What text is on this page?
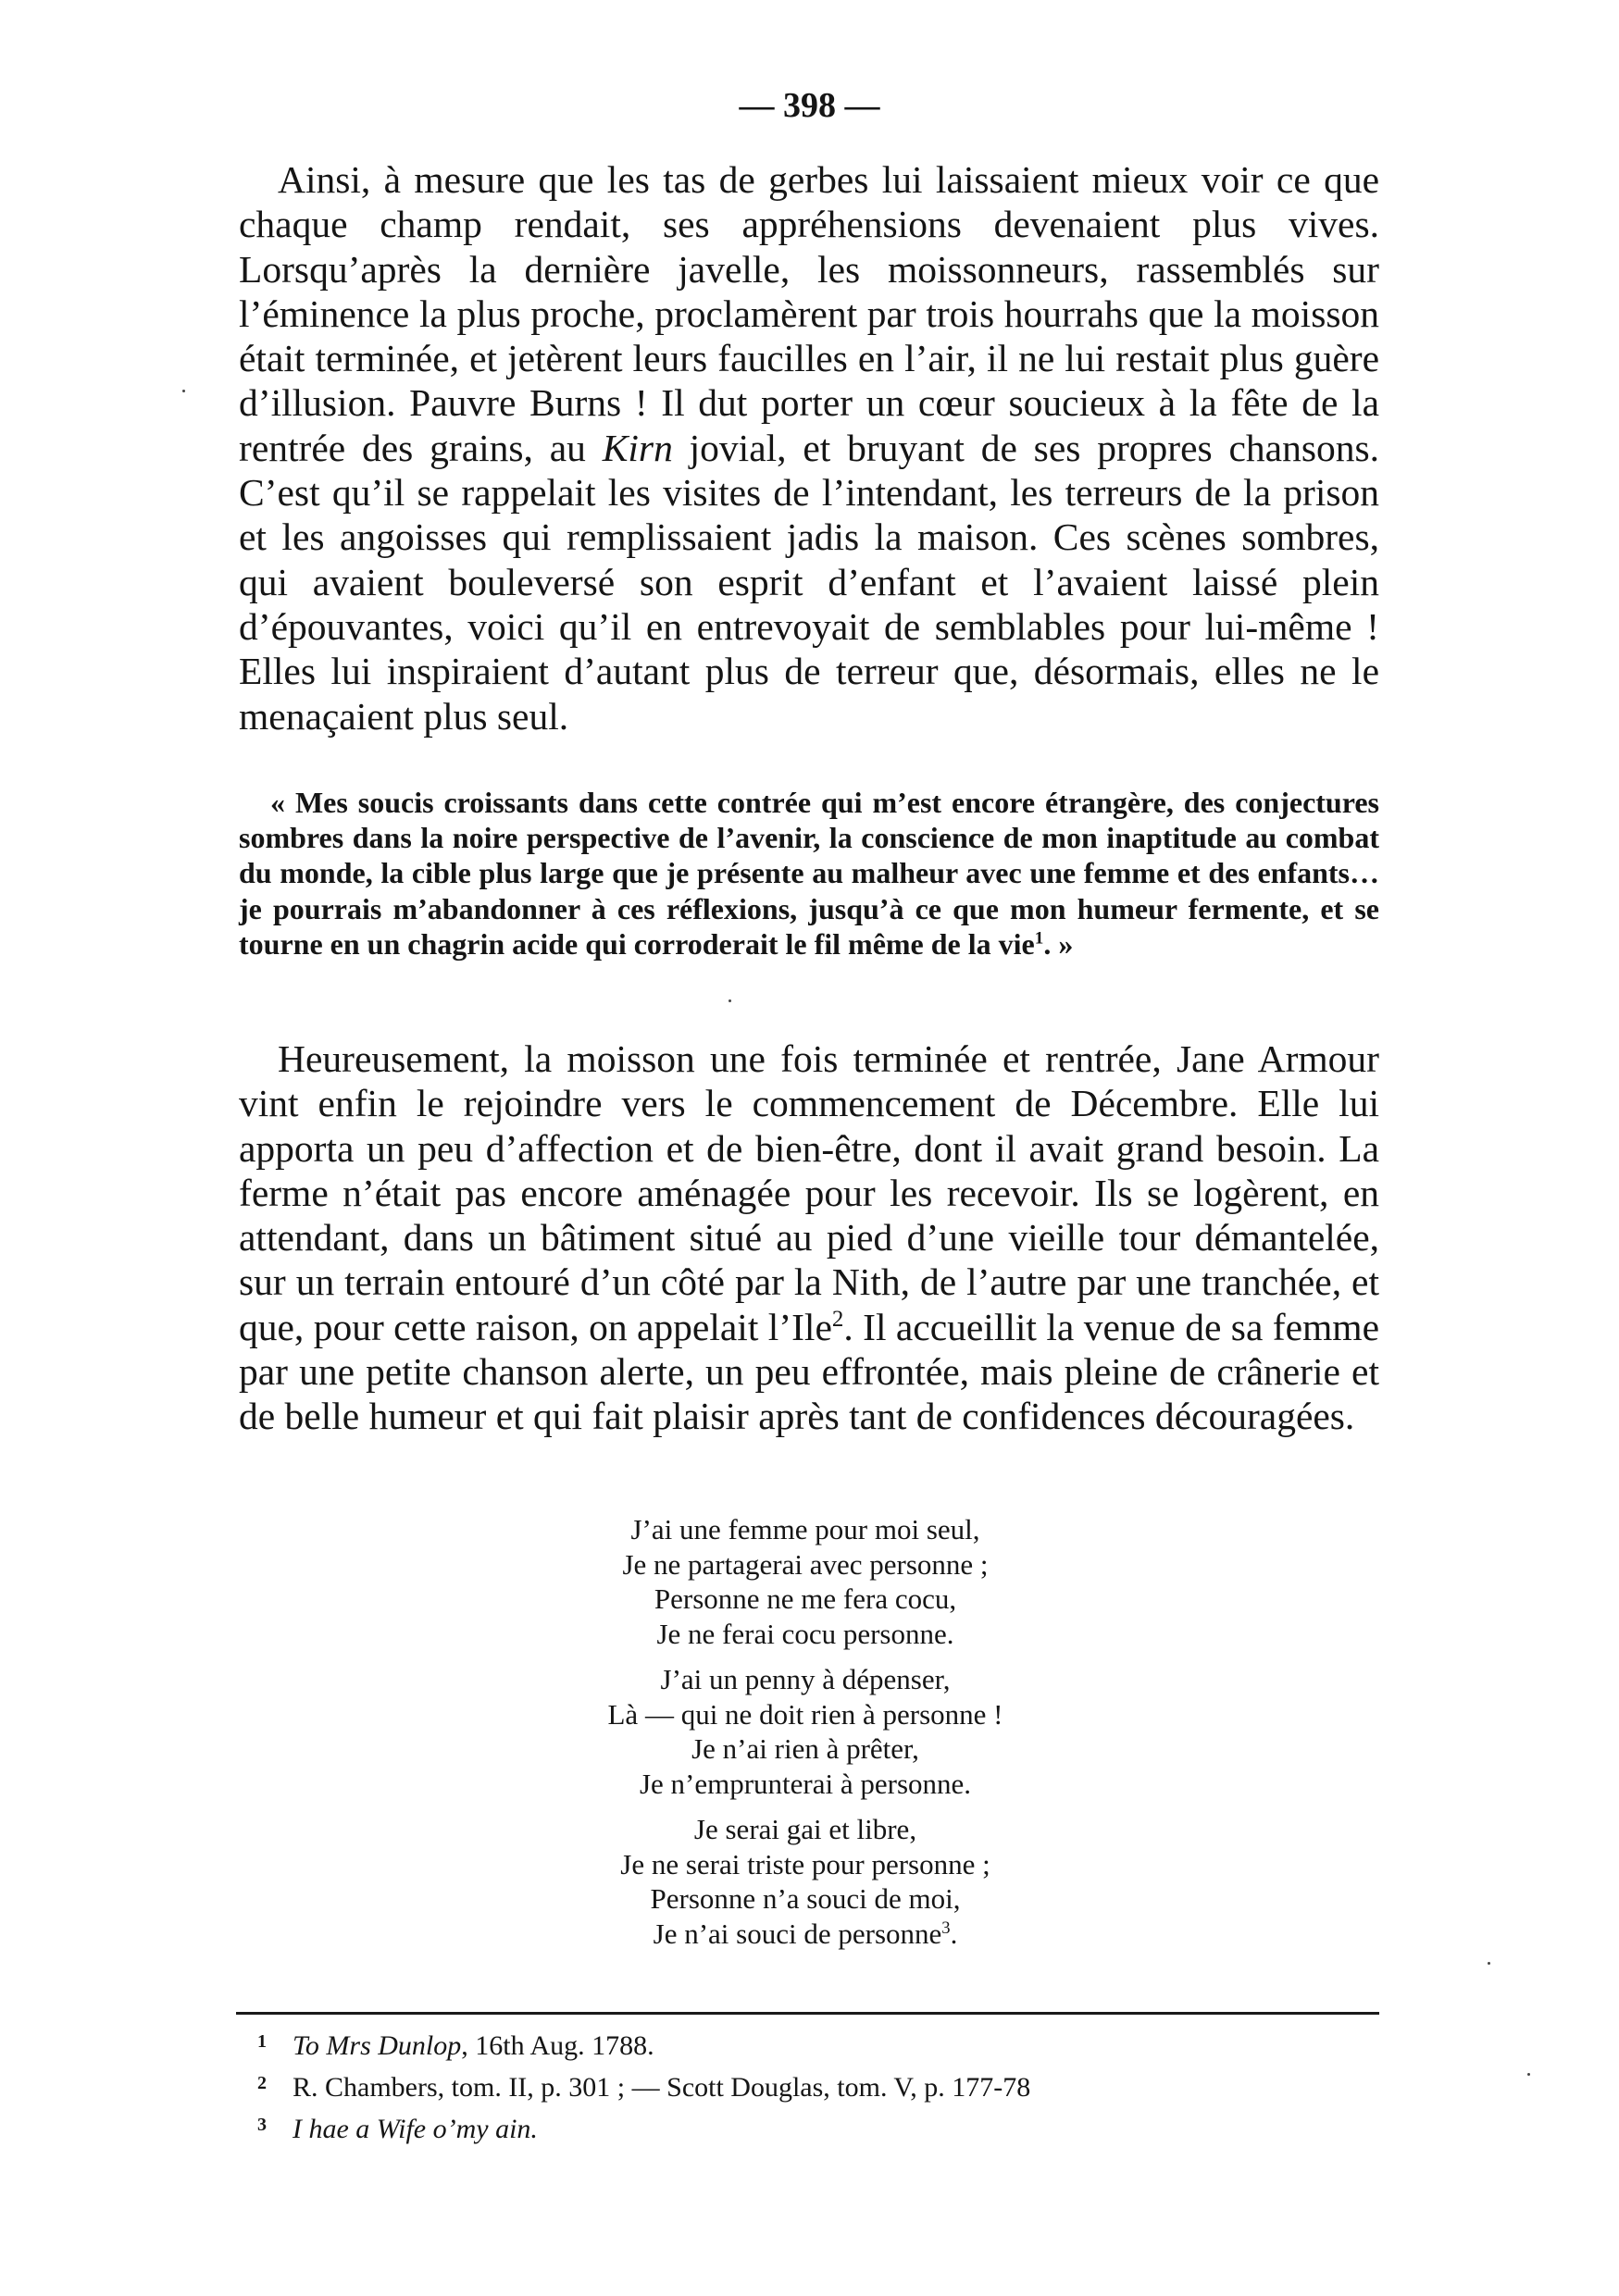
— 398 —

Ainsi, à mesure que les tas de gerbes lui laissaient mieux voir ce que chaque champ rendait, ses appréhensions devenaient plus vives. Lorsqu’après la dernière javelle, les moissonneurs, rassemblés sur l’éminence la plus proche, proclamèrent par trois hourrahs que la moisson était terminée, et jetèrent leurs faucilles en l’air, il ne lui restait plus guère d’illusion. Pauvre Burns ! Il dut porter un cœur soucieux à la fête de la rentrée des grains, au Kirn jovial, et bruyant de ses propres chansons. C’est qu’il se rappelait les visites de l’intendant, les terreurs de la prison et les angoisses qui remplissaient jadis la maison. Ces scènes sombres, qui avaient bouleversé son esprit d’enfant et l’avaient laissé plein d’épouvantes, voici qu’il en entrevoyait de semblables pour lui-même ! Elles lui inspiraient d’autant plus de terreur que, désormais, elles ne le menaçaient plus seul.

« Mes soucis croissants dans cette contrée qui m’est encore étrangère, des conjectures sombres dans la noire perspective de l’avenir, la conscience de mon inaptitude au combat du monde, la cible plus large que je présente au malheur avec une femme et des enfants… je pourrais m’abandonner à ces réflexions, jusqu’à ce que mon humeur fermente, et se tourne en un chagrin acide qui corroderait le fil même de la vie$^1$. »

Heureusement, la moisson une fois terminée et rentrée, Jane Armour vint enfin le rejoindre vers le commencement de Décembre. Elle lui apporta un peu d’affection et de bien-être, dont il avait grand besoin. La ferme n’était pas encore aménagée pour les recevoir. Ils se logèrent, en attendant, dans un bâtiment situé au pied d’une vieille tour démantelée, sur un terrain entouré d’un côté par la Nith, de l’autre par une tranchée, et que, pour cette raison, on appelait l’Ile$^2$. Il accueillit la venue de sa femme par une petite chanson alerte, un peu effrontée, mais pleine de crânerie et de belle humeur et qui fait plaisir après tant de confidences découragées.

J’ai une femme pour moi seul,
Je ne partagerai avec personne ;
Personne ne me fera cocu,
Je ne ferai cocu personne.
J’ai un penny à dépenser,
Là — qui ne doit rien à personne !
Je n’ai rien à prêter,
Je n’emprunterai à personne.
Je serai gai et libre,
Je ne serai triste pour personne ;
Personne n’a souci de moi,
Je n’ai souci de personne$^3$.
1 To Mrs Dunlop, 16th Aug. 1788.
2 R. Chambers, tom. II, p. 301 ; — Scott Douglas, tom. V, p. 177-78
3 I hae a Wife o’my ain.
